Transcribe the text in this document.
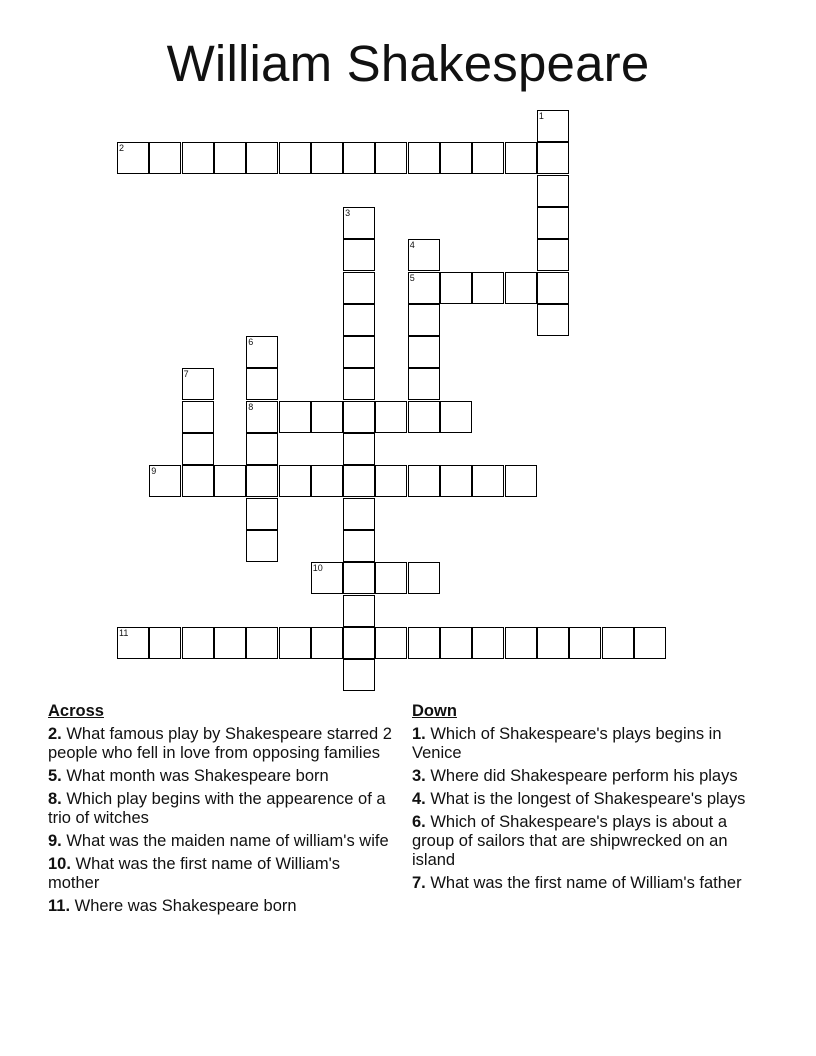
William Shakespeare
1
2
3
4
5
6
7
8
9
10
11
Across
2. What famous play by Shakespeare starred 2 people who fell in love from opposing families
5. What month was Shakespeare born
8. Which play begins with the appearence of a trio of witches
9. What was the maiden name of william's wife
10. What was the first name of William's mother
11. Where was Shakespeare born
Down
1. Which of Shakespeare's plays begins in Venice
3. Where did Shakespeare perform his plays
4. What is the longest of Shakespeare's plays
6. Which of Shakespeare's plays is about a group of sailors that are shipwrecked on an island
7. What was the first name of William's father
